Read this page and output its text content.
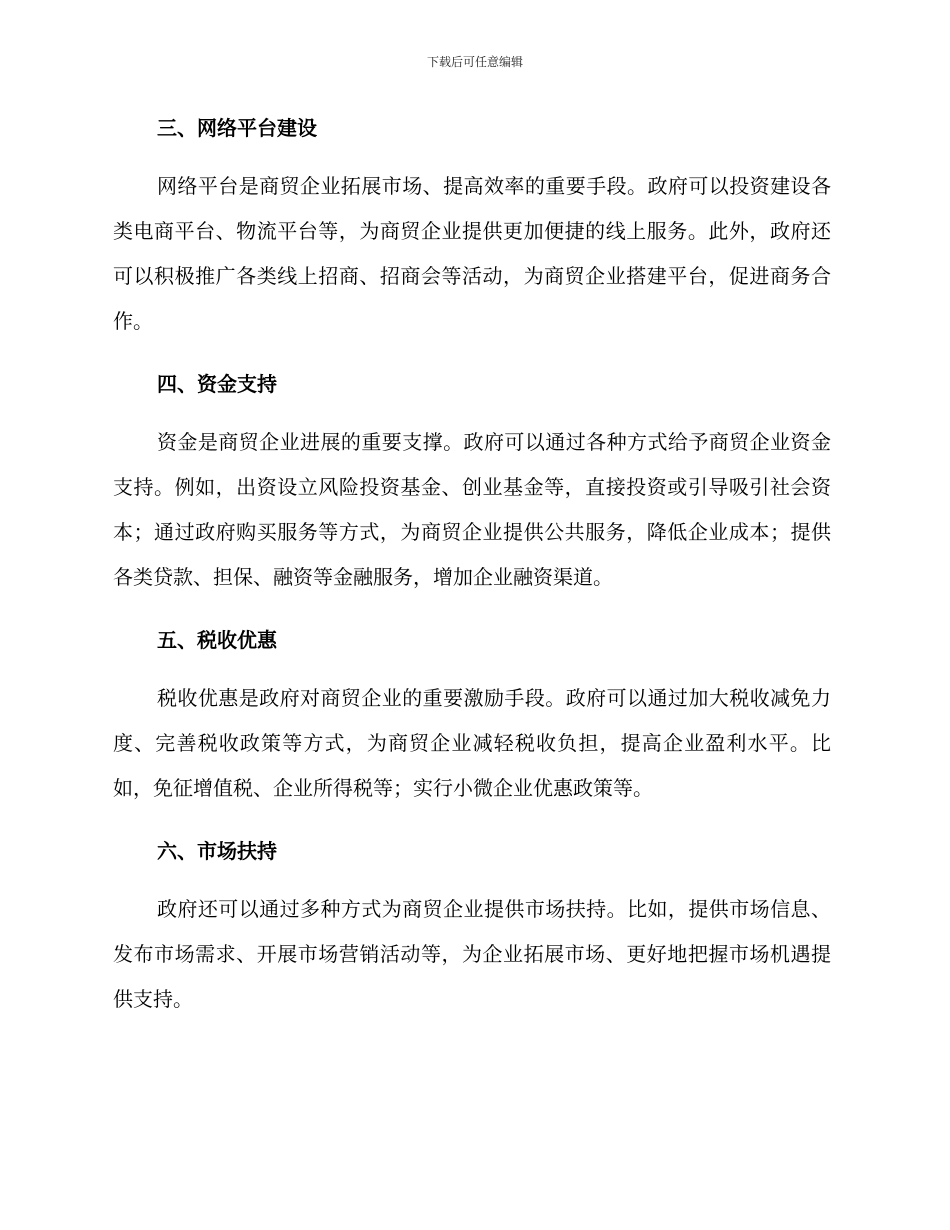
下载后可任意编辑
三、网络平台建设

网络平台是商贸企业拓展市场、提高效率的重要手段。政府可以投资建设各类电商平台、物流平台等，为商贸企业提供更加便捷的线上服务。此外，政府还可以积极推广各类线上招商、招商会等活动，为商贸企业搭建平台，促进商务合作。

四、资金支持

资金是商贸企业进展的重要支撑。政府可以通过各种方式给予商贸企业资金支持。例如，出资设立风险投资基金、创业基金等，直接投资或引导吸引社会资本；通过政府购买服务等方式，为商贸企业提供公共服务，降低企业成本；提供各类贷款、担保、融资等金融服务，增加企业融资渠道。

五、税收优惠

税收优惠是政府对商贸企业的重要激励手段。政府可以通过加大税收减免力度、完善税收政策等方式，为商贸企业减轻税收负担，提高企业盈利水平。比如，免征增值税、企业所得税等；实行小微企业优惠政策等。

六、市场扶持

政府还可以通过多种方式为商贸企业提供市场扶持。比如，提供市场信息、发布市场需求、开展市场营销活动等，为企业拓展市场、更好地把握市场机遇提供支持。
